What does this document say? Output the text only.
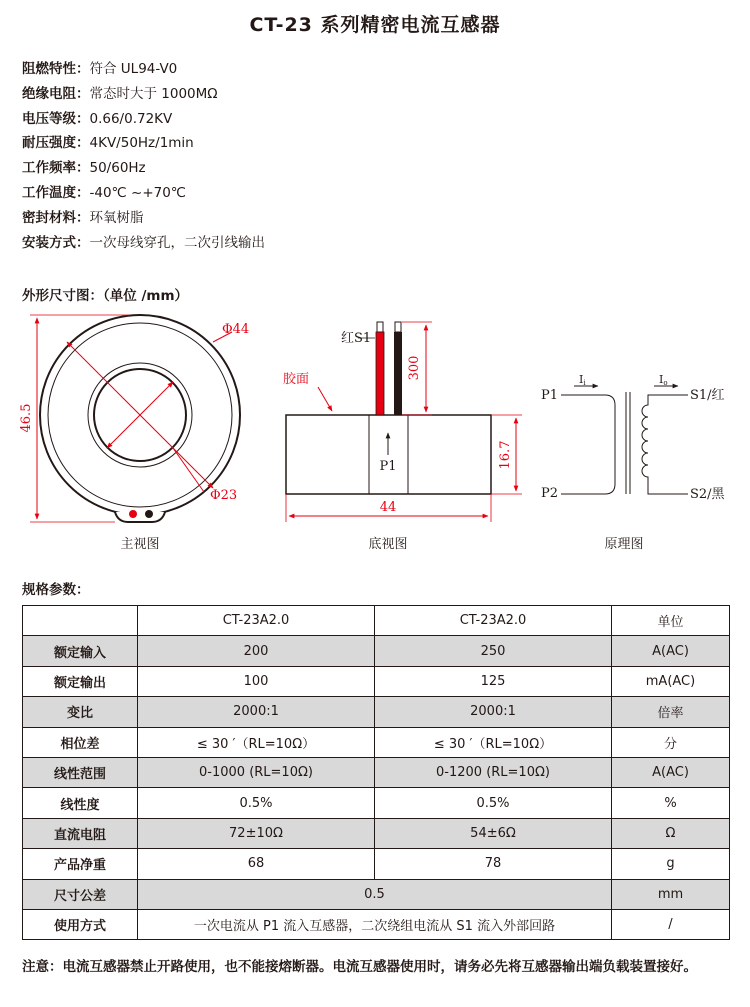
CT-23 系列精密电流互感器
阻燃特性：符合 UL94-V0
绝缘电阻：常态时大于 1000MΩ
电压等级：0.66/0.72KV
耐压强度：4KV/50Hz/1min
工作频率：50/60Hz
工作温度：-40℃ ~+70℃
密封材料：环氧树脂
安装方式：一次母线穿孔，二次引线输出
外形尺寸图：（单位 /mm）
Φ44
Φ23
46.5
主视图
红S1
300
胶面
P1	16.7
44
底视图
P1
P2
Ii	Io
S1/红
S2/黑
原理图
规格参数：
	CT-23A2.0	CT-23A2.0	单位
额定输入	200	250	A(AC)
额定输出	100	125	mA(AC)
变比	2000:1	2000:1	倍率
相位差	≤ 30 ′（RL=10Ω）	≤ 30 ′（RL=10Ω）	分
线性范围	0-1000 (RL=10Ω)	0-1200 (RL=10Ω)	A(AC)
线性度	0.5%	0.5%	%
直流电阻	72±10Ω	54±6Ω	Ω
产品净重	68	78	g
尺寸公差	0.5		mm
使用方式	一次电流从 P1 流入互感器，二次绕组电流从 S1 流入外部回路		/
注意：电流互感器禁止开路使用，也不能接熔断器。电流互感器使用时，请务必先将互感器输出端负载装置接好。
